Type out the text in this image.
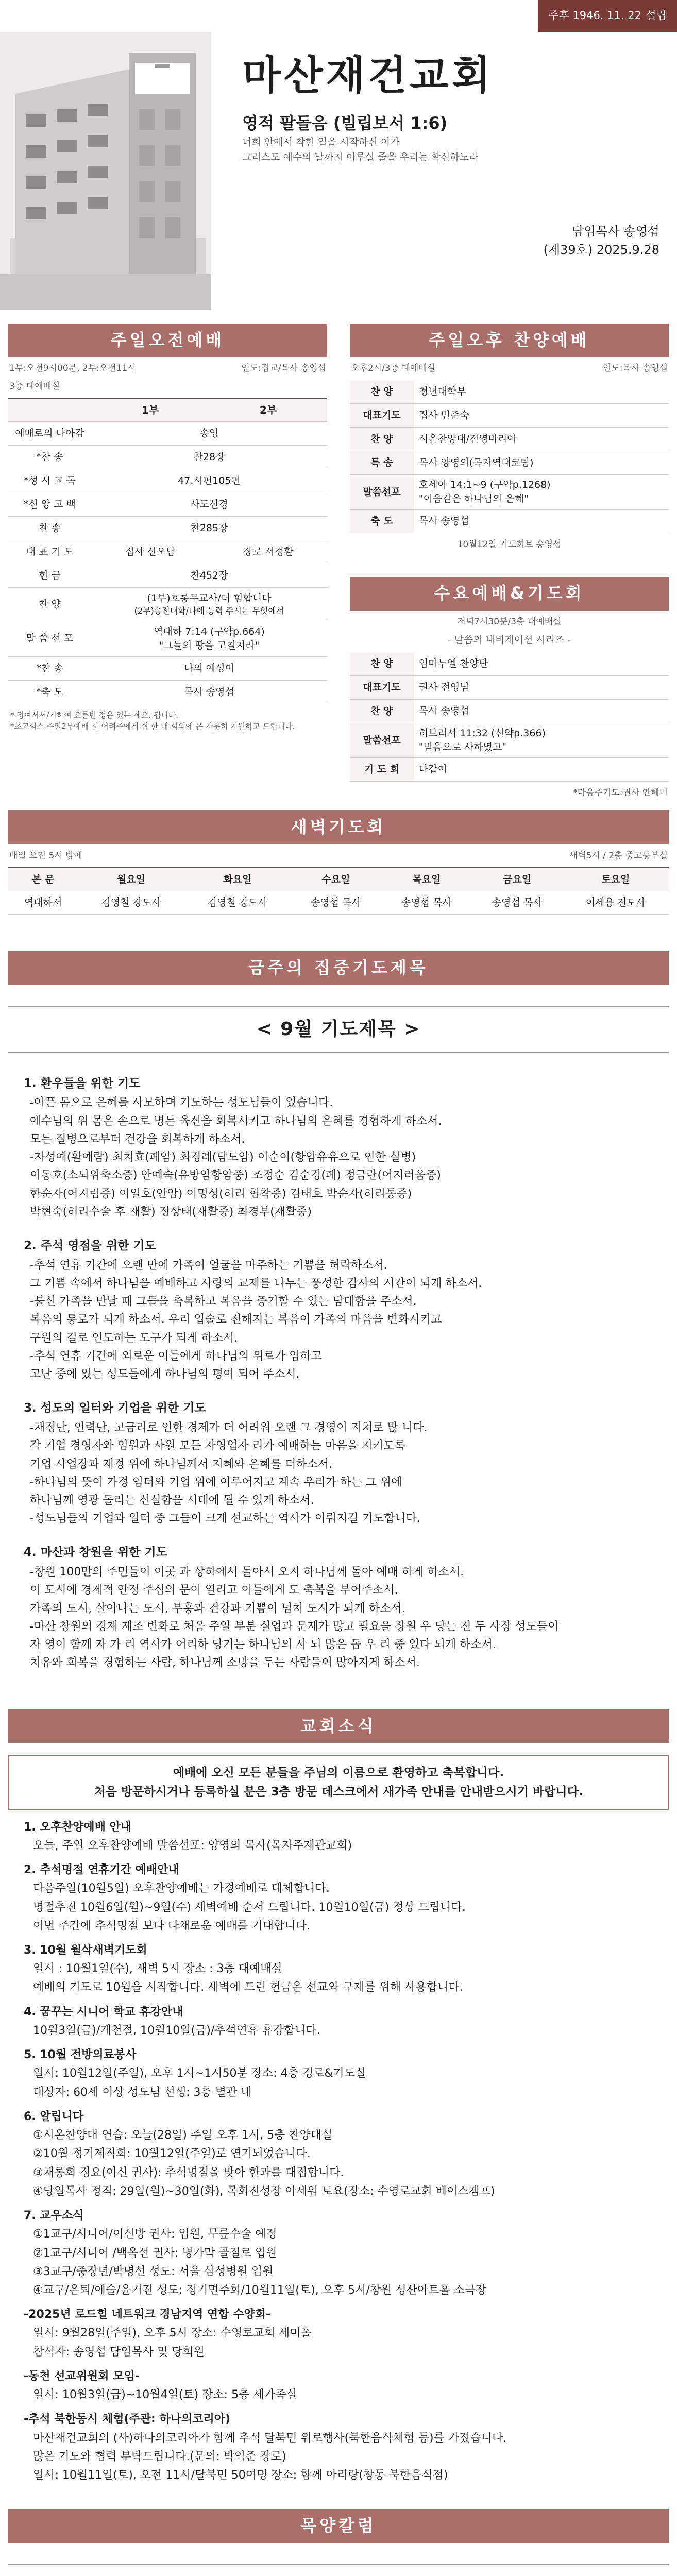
주후 1946. 11. 22 설립
마산재건교회
영적 팔돌음 (빌립보서 1:6)
너희 안에서 착한 일을 시작하신 이가
그리스도 예수의 날까지 이루실 줄을 우리는 확신하노라
담임목사 송영섭
(제39호) 2025.9.28
주일오전예배
1부:오전9시00분, 2부:오전11시	인도:집교/목사 송영섭
3층 대예배실
	1부	2부
예배로의 나아감	송영	
*찬 송	찬28장	
*성 시 교 독	47.시편105편	
*신 앙 고 백	사도신경	
찬 송	찬285장	
대 표 기 도	집사 신오남	장로 서정환
헌 금	찬452장	
찬 양	(1부)호롱무교사/더 힘합니다
(2부)송전대학/나에 능력 주시는 무엇에서	

말 씀 선 포	역대하 7:14 (구약p.664)
"그들의 땅을 고칠지라"	

*찬 송	나의 예성이	
*축 도	목사 송영섭	
* 정여서서/기하여 요른빈 정은 있는 세요. 됩니다.
*초교회스 주일2부예배 시 어려주에게 쉬 한 대 회의에 온 자분히 지원하고 드립니다.
주일오후 찬양예배
오후2시/3층 대예배실	인도:목사 송영섭
찬 양	청년대학부
대표기도	집사 민준숙
찬 양	시온찬양대/전영마리아
특 송	목사 양영의(목자역대코팀)
말씀선포	호세아 14:1~9 (구약p.1268)
"이음같은 하나님의 은혜"

축 도	목사 송영섭
10월12일 기도회보 송영섭
수요예배&기도회
저녁7시30분/3층 대예배실
- 말씀의 내비게이션 시리즈 -
찬 양	임마누엘 찬양단
대표기도	권사 전영님
찬 양	목사 송영섭
말씀선포	히브리서 11:32 (신약p.366)
"믿음으로 사하였고"

기 도 회	다같이
*다음주기도:권사 안혜미
새벽기도회
매일 오전 5시 방에	새벽5시 / 2층 중고등부실
본 문	월요일	화요일	수요일	목요일	금요일	토요일
역대하서	김영철 강도사	김영철 강도사	송영섭 목사	송영섭 목사	송영섭 목사	이세용 전도사
금주의 집중기도제목
< 9월 기도제목 >
1. 환우들을 위한 기도

-아픈 몸으로 은혜를 사모하며 기도하는 성도님들이 있습니다.

예수님의 위 몸은 손으로 병든 육신을 회복시키고 하나님의 은혜를 경험하게 하소서.

모든 질병으로부터 건강을 회복하게 하소서.

-자성예(활예람) 최치효(폐암) 최경례(담도암) 이순이(항암유유으로 인한 실병)

이동호(소뇌위축소증) 안예숙(유방암항암중) 조정순 김순경(폐) 정금란(어지러움증)

한순자(어지럼증) 이일호(안암) 이명성(허리 협착증) 김태호 박순자(허리통증)

박현숙(허리수술 후 재활) 정상태(재활중) 최경부(재활중)

2. 주석 영점을 위한 기도

-추석 연휴 기간에 오랜 만에 가족이 얼굴을 마주하는 기쁨을 허락하소서.

그 기쁨 속에서 하나님을 예배하고 사랑의 교제를 나누는 풍성한 감사의 시간이 되게 하소서.

-불신 가족을 만날 때 그들을 축복하고 복음을 증거할 수 있는 담대함을 주소서.

복음의 통로가 되게 하소서. 우리 입술로 전해지는 복음이 가족의 마음을 변화시키고

구원의 길로 인도하는 도구가 되게 하소서.

-추석 연휴 기간에 외로운 이들에게 하나님의 위로가 임하고

고난 중에 있는 성도들에게 하나님의 평이 되어 주소서.

3. 성도의 일터와 기업을 위한 기도

-채정난, 인력난, 고금리로 인한 경제가 더 어려워 오랜 그 경영이 지쳐로 많 니다.

각 기업 경영자와 임원과 사원 모든 자영업자 리가 예배하는 마음을 지키도록

기업 사업장과 재정 위에 하나님께서 지혜와 은혜를 더하소서.

-하나님의 뜻이 가정 임터와 기업 위에 이루어지고 계속 우리가 하는 그 위에

하나님께 영광 돌리는 신실함을 시대에 될 수 있게 하소서.

-성도님들의 기업과 일터 중 그들이 크게 선교하는 역사가 이뤄지길 기도합니다.

4. 마산과 창원을 위한 기도

-창원 100만의 주민들이 이곳 과 상하에서 돌아서 오지 하나님께 돌아 예배 하게 하소서.

이 도시에 경제적 안정 주심의 문이 열리고 이들에게 도 축복을 부어주소서.

가족의 도시, 살아나는 도시, 부흥과 건강과 기쁨이 넘치 도시가 되게 하소서.

-마산 창원의 경제 재조 변화로 처음 주일 부분 실업과 문제가 많고 필요을 장원 우 당는 전 두 사장 성도들이

자 영이 함께 자 가 리 역사가 어리하 당기는 하나님의 사 되 많은 돕 우 리 중 있다 되게 하소서.

치유와 회복을 경험하는 사람, 하나님께 소망을 두는 사람들이 많아지게 하소서.

교회소식
예배에 오신 모든 분들을 주님의 이름으로 환영하고 축복합니다.
처음 방문하시거나 등록하실 분은 3층 방문 데스크에서 새가족 안내를 안내받으시기 바랍니다.

1. 오후찬양예배 안내

오늘, 주일 오후찬양예배 말씀선포: 양영의 목사(목자주제관교회)

2. 추석명절 연휴기간 예배안내

다음주일(10월5일) 오후찬양예배는 가정예배로 대체합니다.

명절추진 10월6일(월)~9일(수) 새벽예배 순서 드립니다. 10월10일(금) 정상 드립니다.

이번 주간에 추석명절 보다 다채로운 예배를 기대합니다.

3. 10월 월삭새벽기도회

일시 : 10월1일(수), 새벽 5시 장소 : 3층 대예배실

예배의 기도로 10월을 시작합니다. 새벽에 드린 헌금은 선교와 구제를 위해 사용합니다.

4. 꿈꾸는 시니어 학교 휴강안내

10월3일(금)/개천절, 10월10일(금)/추석연휴 휴강합니다.

5. 10월 전방의료봉사

일시: 10월12일(주일), 오후 1시~1시50분 장소: 4층 경로&기도실

대상자: 60세 이상 성도님 선생: 3층 별관 내

6. 알립니다

①시온찬양대 연습: 오늘(28일) 주일 오후 1시, 5층 찬양대실

②10월 정기제직회: 10월12일(주일)로 연기되었습니다.

③채롱회 정요(이신 권사): 추석명절을 맞아 한과를 대접합니다.

④당일목사 정직: 29일(월)~30일(화), 목회전성장 아세워 토요(장소: 수영로교회 베이스캠프)

7. 교우소식

①1교구/시니어/이신방 권사: 입원, 무릎수술 예정

②1교구/시니어 /백옥선 권사: 병가막 골절로 입원

③3교구/중장년/박명선 성도: 서울 삼성병원 입원

④교구/은퇴/예술/윤거진 성도: 정기면주회/10월11일(토), 오후 5시/창원 성산아트홀 소극장

-2025년 로드힐 네트워크 경남지역 연합 수양회-

일시: 9월28일(주일), 오후 5시 장소: 수영로교회 세미홀

참석자: 송영섭 담임목사 및 당회원

-동천 선교위원회 모임-

일시: 10월3일(금)~10월4일(토) 장소: 5층 세가족실

-추석 북한동시 체험(주관: 하나의코리아)

마산재건교회의 (사)하나의코리아가 함께 추석 탈북민 위로행사(북한음식체험 등)를 가졌습니다.

많은 기도와 협력 부탁드립니다.(문의: 박익준 장로)

일시: 10월11일(토), 오전 11시/탈북민 50여명 장소: 함께 아리랑(창동 북한음식점)

목양칼럼
